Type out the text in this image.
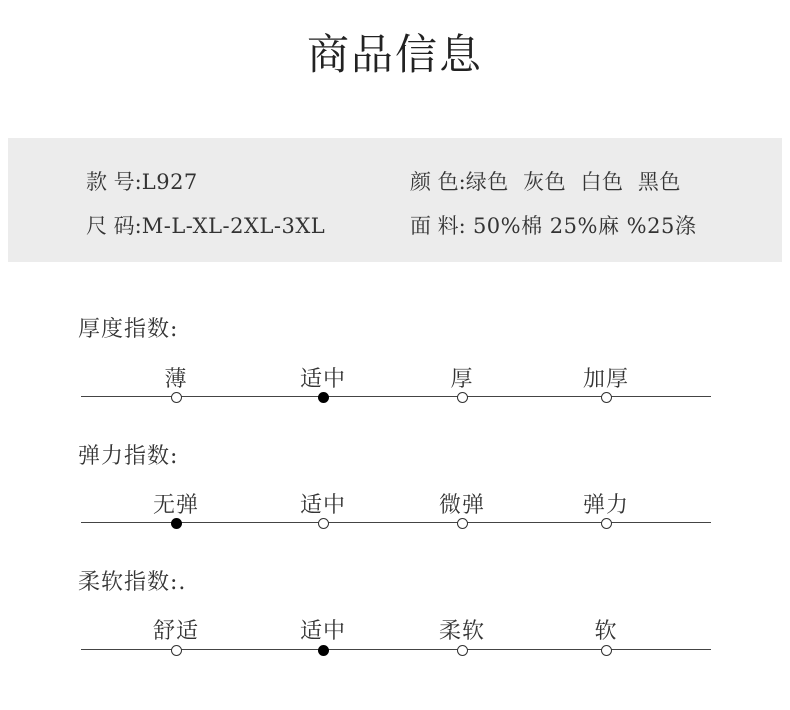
商品信息
款 号:L927	颜 色:绿色  灰色  白色  黑色
尺 码:M-L-XL-2XL-3XL	面 料: 50%棉 25%麻 %25涤
厚度指数:
薄	适中	厚	加厚
弹力指数:
无弹	适中	微弹	弹力
柔软指数:.
舒适	适中	柔软	软
